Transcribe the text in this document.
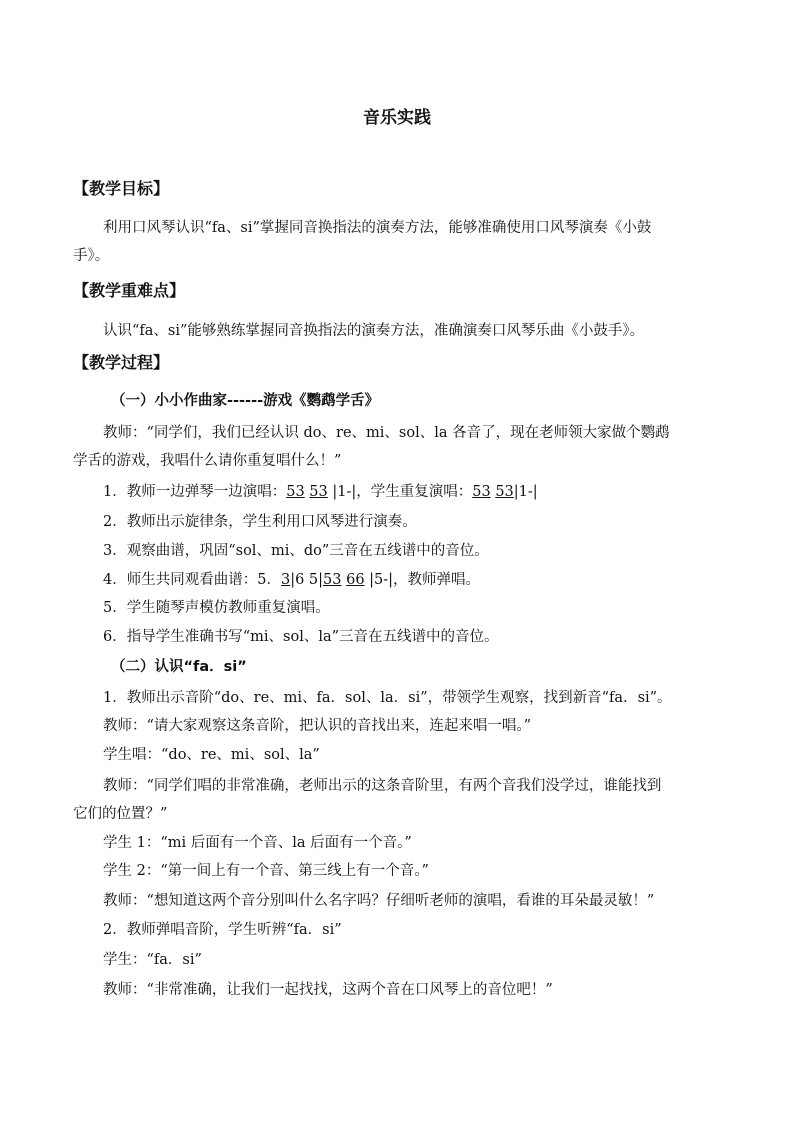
音乐实践
【教学目标】
利用口风琴认识“fa、si”掌握同音换指法的演奏方法，能够准确使用口风琴演奏《小鼓
手》。
【教学重难点】
认识“fa、si”能够熟练掌握同音换指法的演奏方法，准确演奏口风琴乐曲《小鼓手》。
【教学过程】
（一）小小作曲家------游戏《鹦鹉学舌》
教师：“同学们，我们已经认识 do、re、mi、sol、la 各音了，现在老师领大家做个鹦鹉
学舌的游戏，我唱什么请你重复唱什么！”
1．教师一边弹琴一边演唱：53 53 |1-|，学生重复演唱：53 53|1-|
2．教师出示旋律条，学生利用口风琴进行演奏。
3．观察曲谱，巩固“sol、mi、do”三音在五线谱中的音位。
4．师生共同观看曲谱：5．3|6 5|53 66 |5-|，教师弹唱。
5．学生随琴声模仿教师重复演唱。
6．指导学生准确书写“mi、sol、la”三音在五线谱中的音位。
（二）认识“fa．si”
1．教师出示音阶“do、re、mi、fa．sol、la．si”，带领学生观察，找到新音“fa．si”。
教师：“请大家观察这条音阶，把认识的音找出来，连起来唱一唱。”
学生唱：“do、re、mi、sol、la”
教师：“同学们唱的非常准确，老师出示的这条音阶里，有两个音我们没学过，谁能找到
它们的位置？”
学生 1：“mi 后面有一个音、la 后面有一个音。”
学生 2：“第一间上有一个音、第三线上有一个音。”
教师：“想知道这两个音分别叫什么名字吗？仔细听老师的演唱，看谁的耳朵最灵敏！”
2．教师弹唱音阶，学生听辨“fa．si”
学生：“fa．si”
教师：“非常准确，让我们一起找找，这两个音在口风琴上的音位吧！”
